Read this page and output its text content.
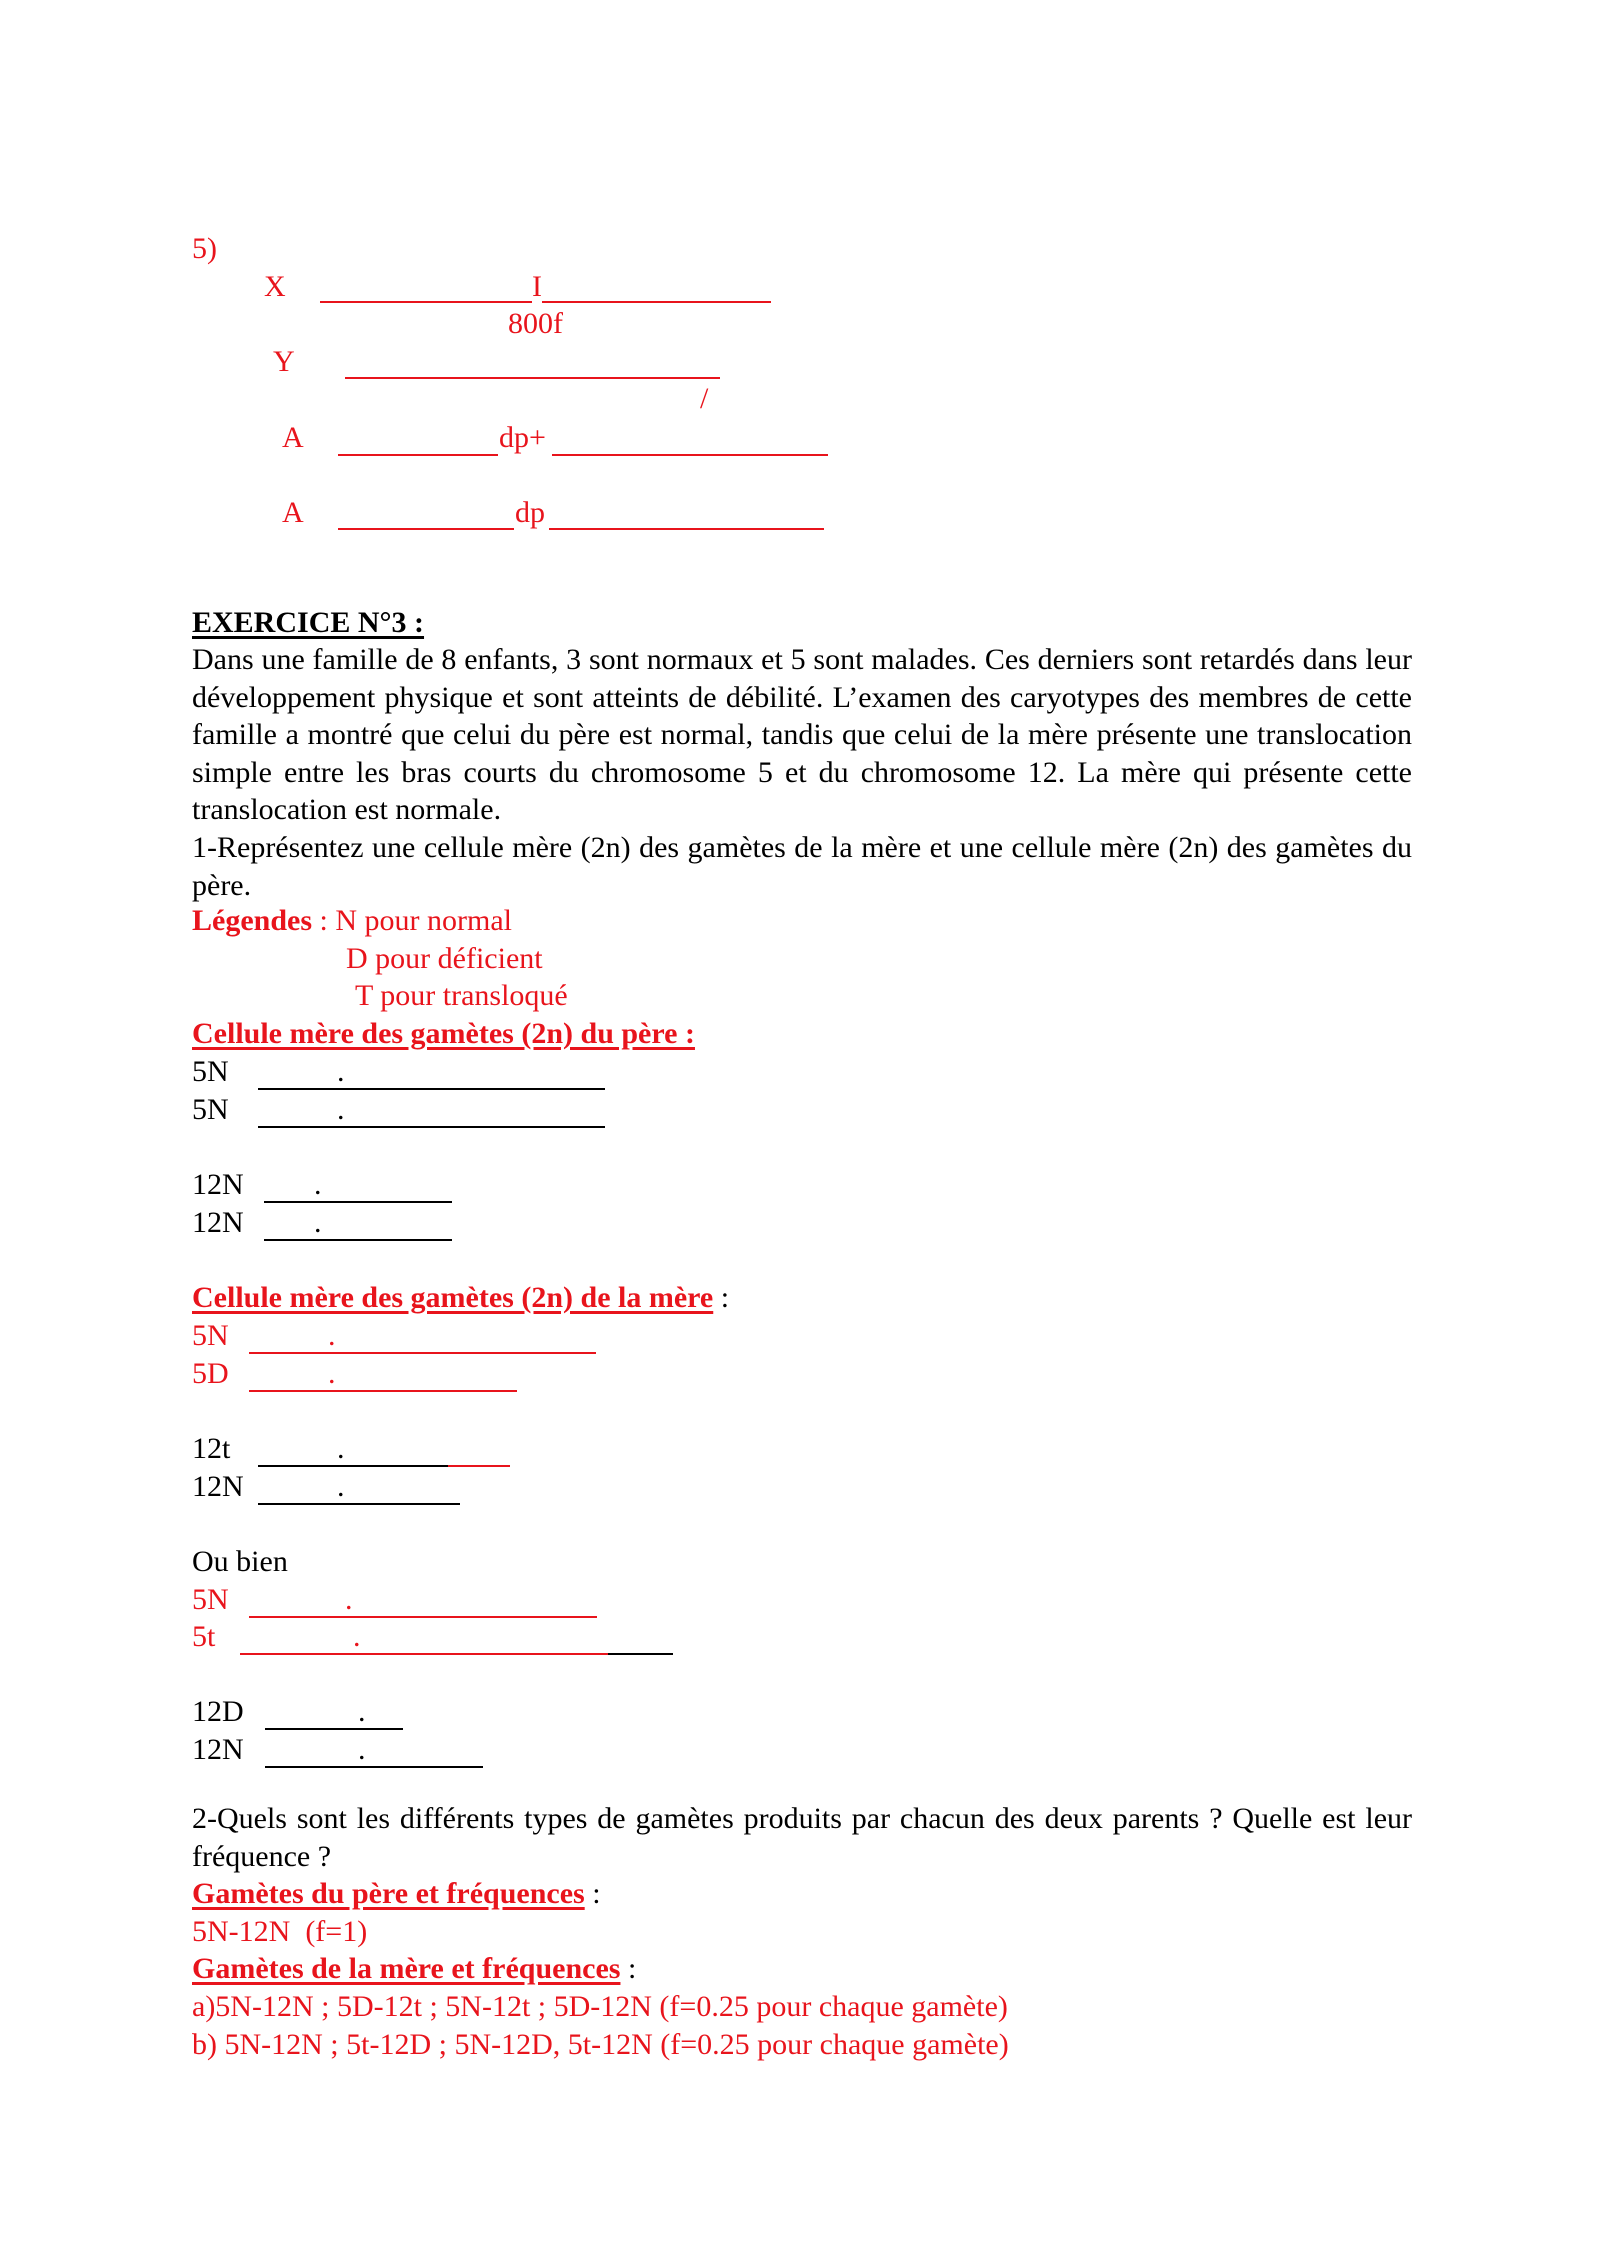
5)
X	I
800f
Y
/
A	dp+
A	dp
EXERCICE N°3 :
Dans une famille de 8 enfants, 3 sont normaux et 5 sont malades. Ces derniers sont retardés dans leur développement physique et sont atteints de débilité. L’examen des caryotypes des membres de cette famille a montré que celui du père est normal, tandis que celui de la mère présente une translocation simple entre les bras courts du chromosome 5 et du chromosome 12. La mère qui présente cette translocation est normale.
1-Représentez une cellule mère (2n) des gamètes de la mère et une cellule mère (2n) des gamètes du père.
Légendes : N pour normal
D pour déficient
T pour transloqué
Cellule mère des gamètes (2n) du père :
5N	.
5N	.
12N .
12N .
Cellule mère des gamètes (2n) de la mère :
5N	.
5D	.
12t	.
12N	.
Ou bien
5N	.
5t	.
12D	.
12N	.
2-Quels sont les différents types de gamètes produits par chacun des deux parents ? Quelle est leur fréquence ?
Gamètes du père et fréquences :
5N-12N  (f=1)
Gamètes de la mère et fréquences :
a)5N-12N ; 5D-12t ; 5N-12t ; 5D-12N (f=0.25 pour chaque gamète)
b) 5N-12N ; 5t-12D ; 5N-12D, 5t-12N (f=0.25 pour chaque gamète)
